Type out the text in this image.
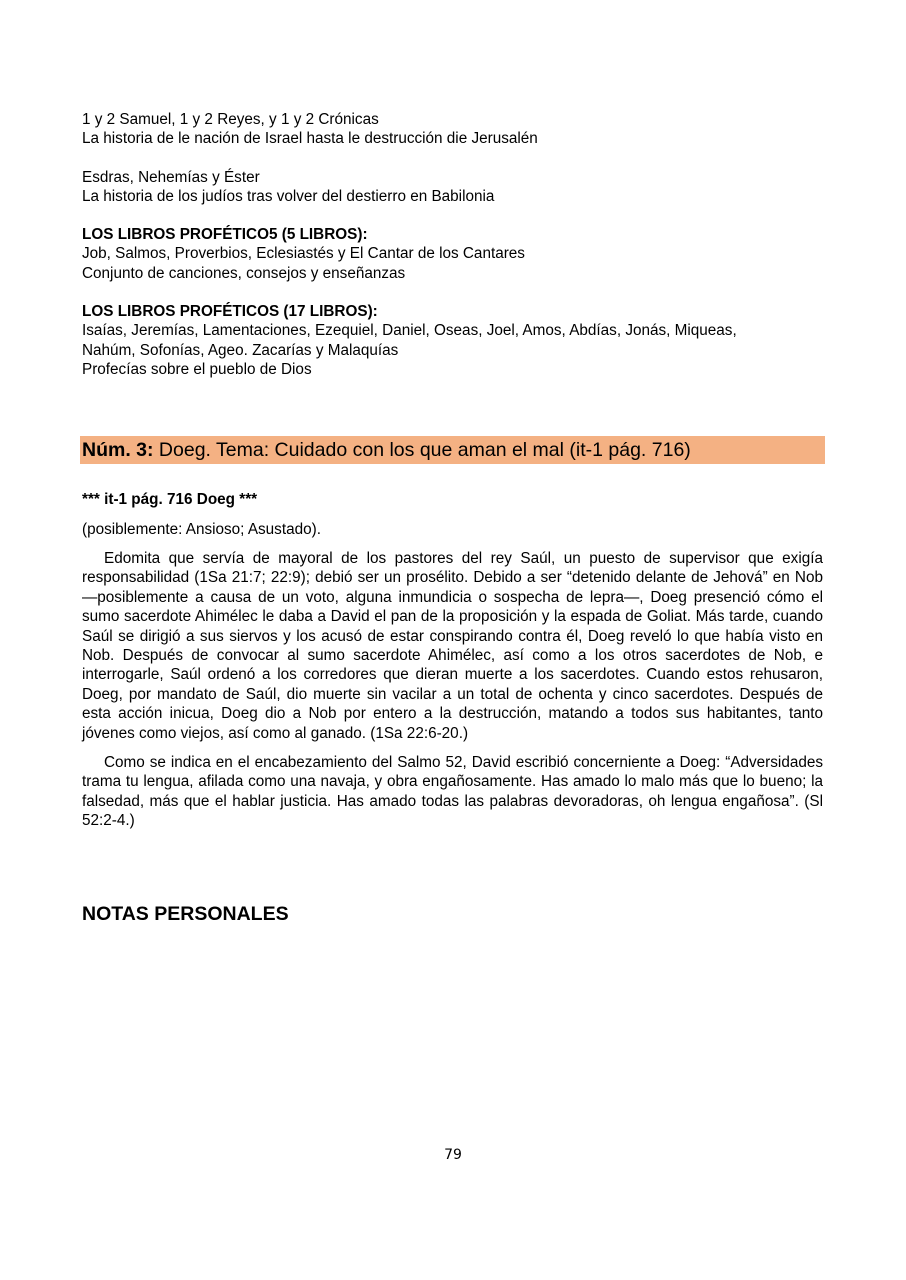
1 y 2 Samuel, 1 y 2 Reyes, y 1 y 2 Crónicas

La historia de le nación de Israel hasta le destrucción die Jerusalén

Esdras, Nehemías y Éster

La historia de los judíos tras volver del destierro en Babilonia

LOS LIBROS PROFÉTICO5 (5 LIBROS):

Job, Salmos, Proverbios, Eclesiastés y El Cantar de los Cantares

Conjunto de canciones, consejos y enseñanzas

LOS LIBROS PROFÉTICOS (17 LIBROS):

Isaías, Jeremías, Lamentaciones, Ezequiel, Daniel, Oseas, Joel, Amos, Abdías, Jonás, Miqueas,

Nahúm, Sofonías, Ageo. Zacarías y Malaquías

Profecías sobre el pueblo de Dios

Núm. 3: Doeg. Tema: Cuidado con los que aman el mal (it-1 pág. 716)

*** it-1 pág. 716 Doeg ***

(posiblemente: Ansioso; Asustado).

Edomita que servía de mayoral de los pastores del rey Saúl, un puesto de supervisor que exigía responsabilidad (1Sa 21:7; 22:9); debió ser un prosélito. Debido a ser “detenido delante de Jehová” en Nob —posiblemente a causa de un voto, alguna inmundicia o sospecha de lepra—, Doeg presenció cómo el sumo sacerdote Ahimélec le daba a David el pan de la proposición y la espada de Goliat. Más tarde, cuando Saúl se dirigió a sus siervos y los acusó de estar conspirando contra él, Doeg reveló lo que había visto en Nob. Después de convocar al sumo sacerdote Ahimélec, así como a los otros sacerdotes de Nob, e interrogarle, Saúl ordenó a los corredores que dieran muerte a los sacerdotes. Cuando estos rehusaron, Doeg, por mandato de Saúl, dio muerte sin vacilar a un total de ochenta y cinco sacerdotes. Después de esta acción inicua, Doeg dio a Nob por entero a la destrucción, matando a todos sus habitantes, tanto jóvenes como viejos, así como al ganado. (1Sa 22:6-20.)

Como se indica en el encabezamiento del Salmo 52, David escribió concerniente a Doeg: “Adversidades trama tu lengua, afilada como una navaja, y obra engañosamente. Has amado lo malo más que lo bueno; la falsedad, más que el hablar justicia. Has amado todas las palabras devoradoras, oh lengua engañosa”. (Sl 52:2-4.)

NOTAS PERSONALES
79
